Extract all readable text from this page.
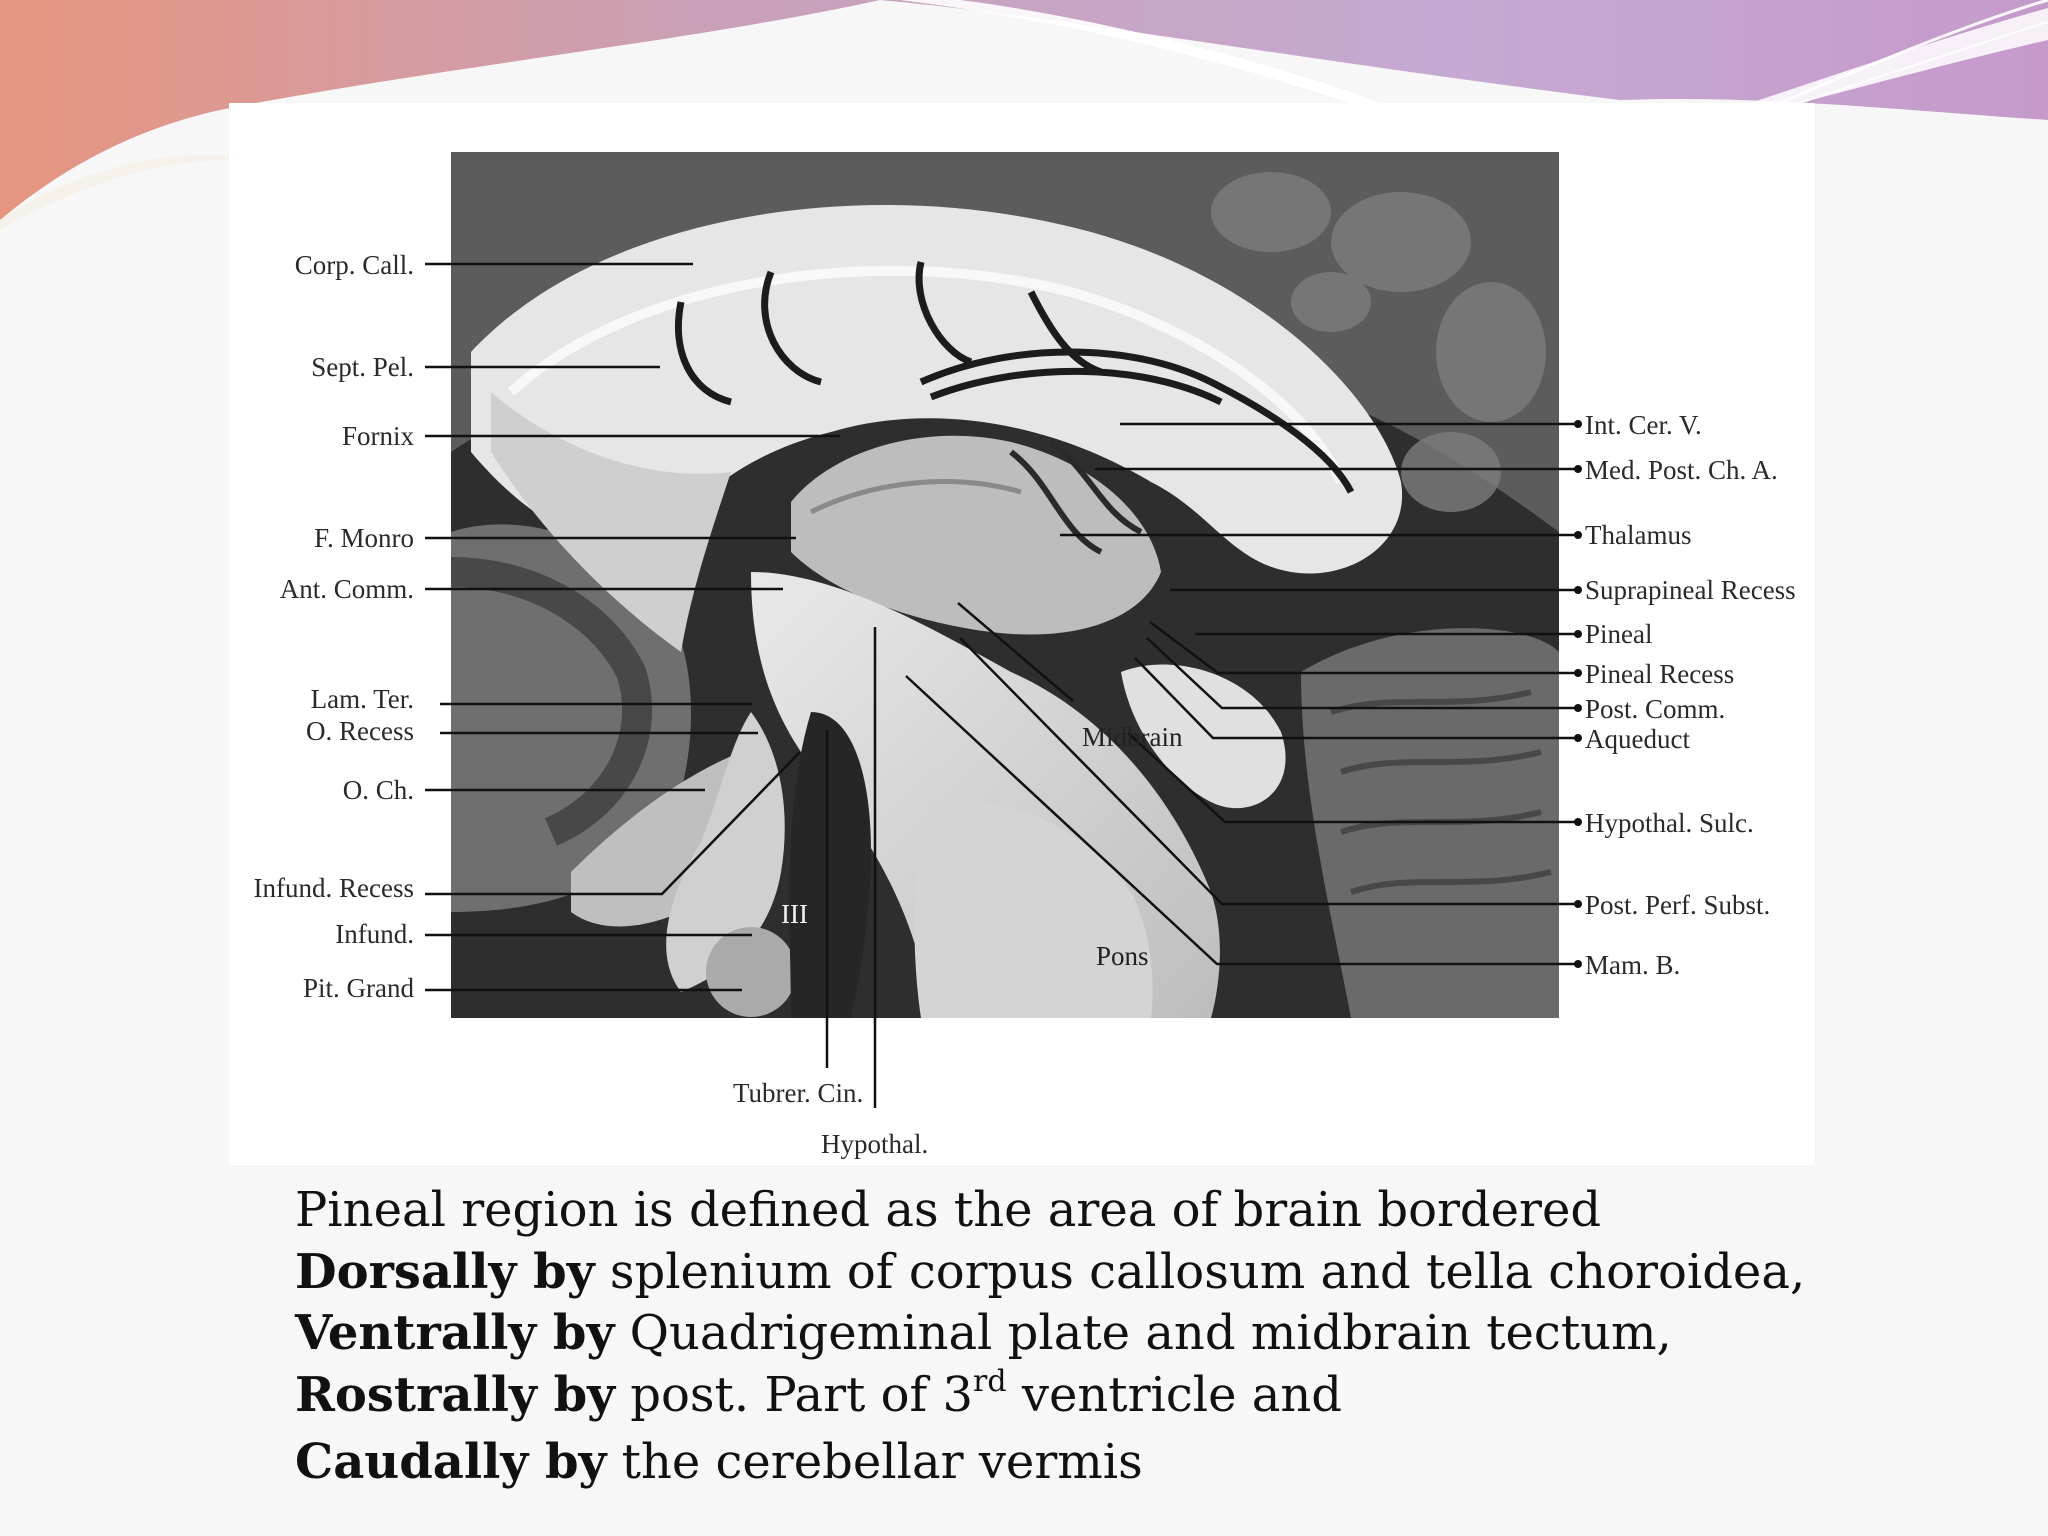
Corp. Call.
Sept. Pel.
Fornix
F. Monro
Ant. Comm.
Lam. Ter.
O. Recess
O. Ch.
Infund. Recess
Infund.
Pit. Grand
Int. Cer. V.
Med. Post. Ch. A.
Thalamus
Suprapineal Recess
Pineal
Pineal Recess
Post. Comm.
Aqueduct
Hypothal. Sulc.
Post. Perf. Subst.
Mam. B.
Tubrer. Cin.
Hypothal.
Midbrain
III
Pons
Pineal region is defined as the area of brain bordered
Dorsally by splenium of corpus callosum and tella choroidea,
Ventrally by Quadrigeminal plate and midbrain tectum,
Rostrally by post. Part of 3rd ventricle and
Caudally by the cerebellar vermis
